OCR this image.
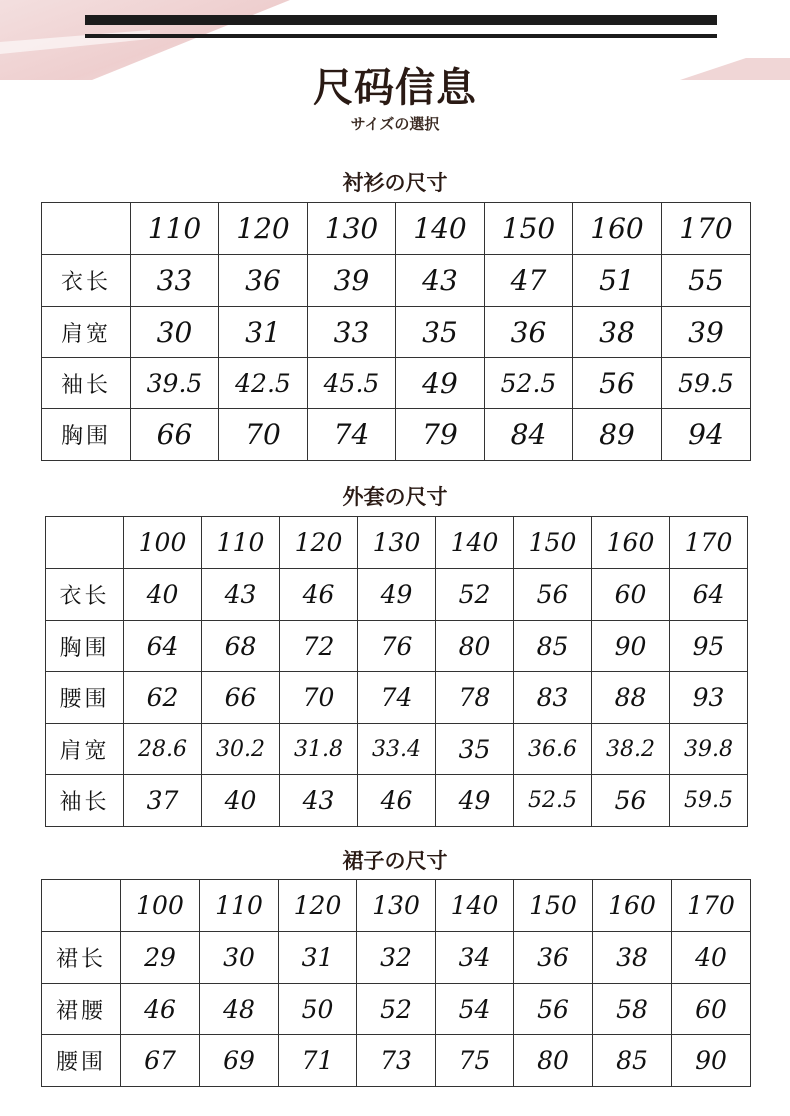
尺码信息
サイズの選択
衬衫の尺寸
	110	120	130	140	150	160	170
衣长	33	36	39	43	47	51	55
肩宽	30	31	33	35	36	38	39
袖长	39.5	42.5	45.5	49	52.5	56	59.5
胸围	66	70	74	79	84	89	94
外套の尺寸
	100	110	120	130	140	150	160	170
衣长	40	43	46	49	52	56	60	64
胸围	64	68	72	76	80	85	90	95
腰围	62	66	70	74	78	83	88	93
肩宽	28.6	30.2	31.8	33.4	35	36.6	38.2	39.8
袖长	37	40	43	46	49	52.5	56	59.5
裙子の尺寸
	100	110	120	130	140	150	160	170
裙长	29	30	31	32	34	36	38	40
裙腰	46	48	50	52	54	56	58	60
腰围	67	69	71	73	75	80	85	90
